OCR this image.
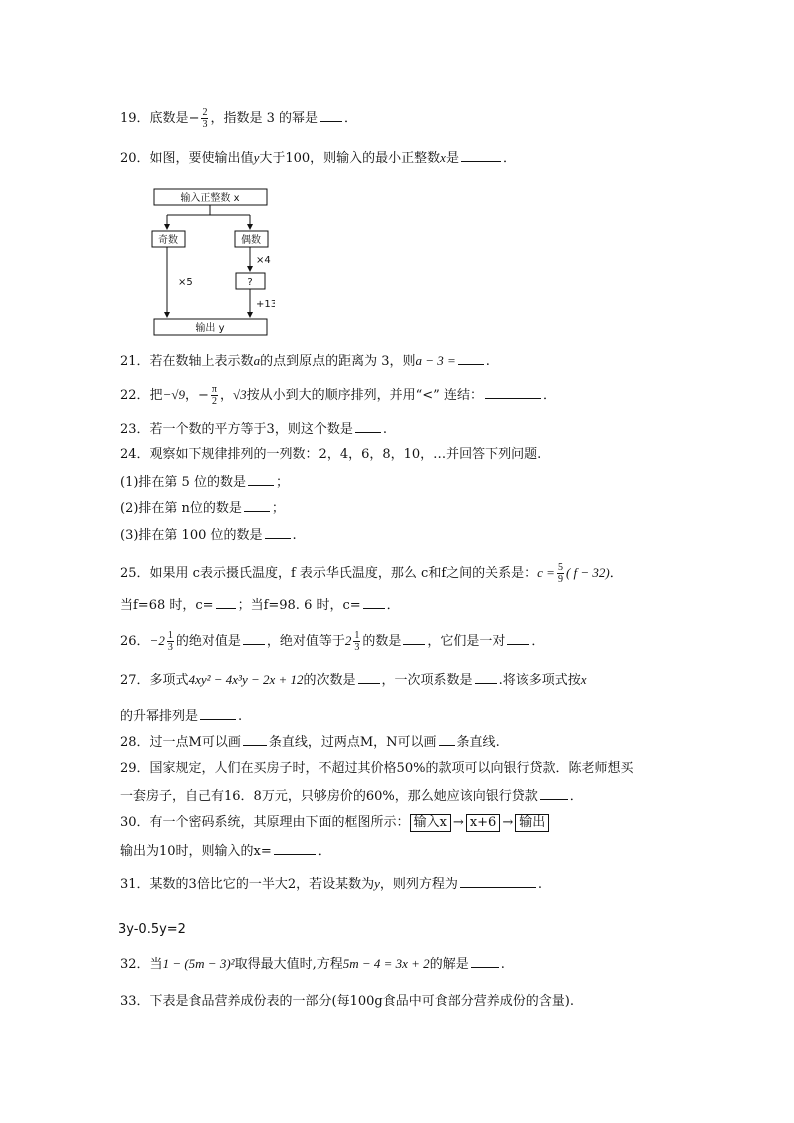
19．底数是− $\frac{2}{3}$ ，指数是 3 的幂是 ．
20．如图，要使输出值y大于100，则输入的最小正整数x是	．
输入正整数 x
奇数	偶数
×5
×4
?
+13
输出 y
21．若在数轴上表示数a的点到原点的距离为 3，则a − 3 = .
22．把−√9，− $\frac{\pi}{2}$ ，√3按从小到大的顺序排列，并用“<” 连结：	．
23．若一个数的平方等于3，则这个数是 .
24．观察如下规律排列的一列数：2，4，6，8，10，…并回答下列问题.
(1)排在第 5 位的数是 ；
(2)排在第 n位的数是 ；
(3)排在第 100 位的数是 .
25．如果用 c表示摄氏温度，f 表示华氏温度，那么 c和f之间的关系是：$c = \frac{5}{9}$ ( f − 32)．
当f=68 时，c= ；当f=98. 6 时，c= ．
26．$-2 \frac{1}{3}$ 的绝对值是 ，绝对值等于$2 \frac{1}{3}$ 的数是 ，它们是一对 ．
27．多项式4xy² − 4x³y − 2x + 12的次数是 ，一次项系数是 .将该多项式按x
的升幂排列是	.
28．过一点M可以画 条直线，过两点M，N可以画 条直线.
29．国家规定，人们在买房子时，不超过其价格50%的款项可以向银行贷款．陈老师想买
一套房子，自己有16．8万元，只够房价的60%，那么她应该向银行贷款 ．
30．有一个密码系统，其原理由下面的框图所示： 输入x → x+6 → 输出
输出为10时，则输入的x=	．
31．某数的3倍比它的一半大2，若设某数为y，则列方程为	.
3y-0.5y=2
32．当1 − (5m − 3)²取得最大值时,方程5m − 4 = 3x + 2的解是 .
33．下表是食品营养成份表的一部分(每100g食品中可食部分营养成份的含量).
